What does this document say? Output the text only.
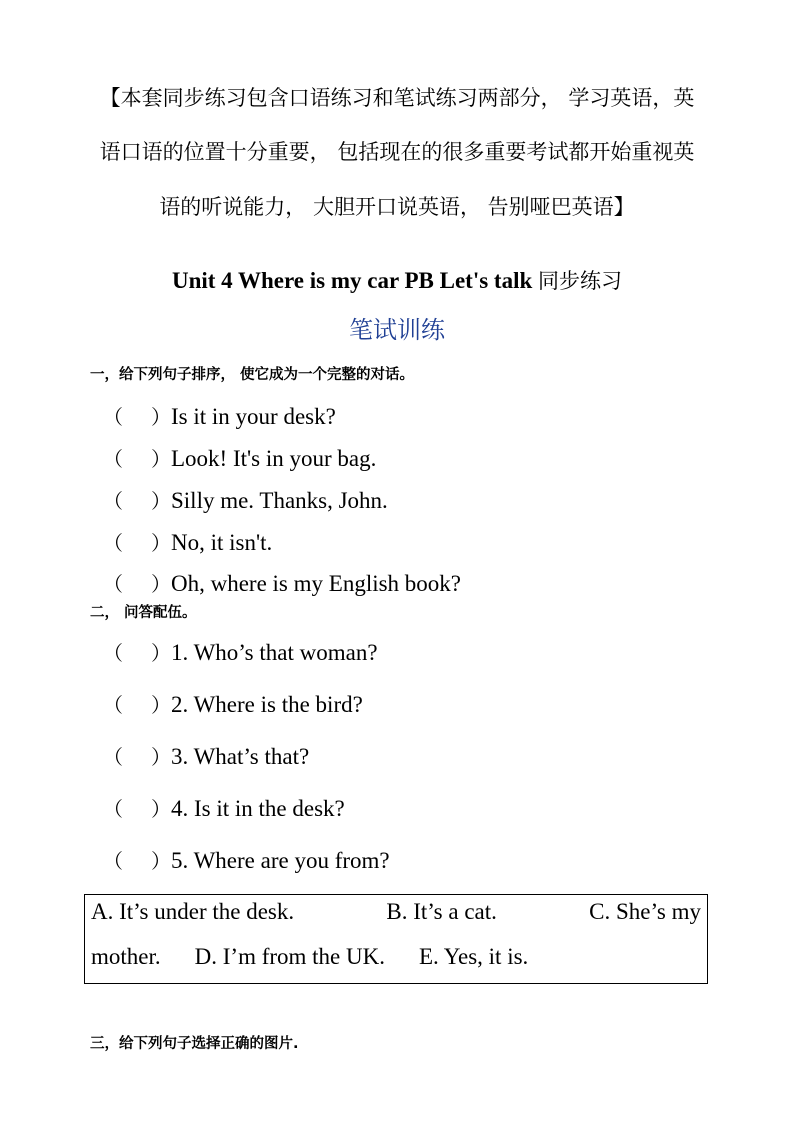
【本套同步练习包含口语练习和笔试练习两部分， 学习英语，英
语口语的位置十分重要， 包括现在的很多重要考试都开始重视英
语的听说能力， 大胆开口说英语， 告别哑巴英语】
Unit 4 Where is my car PB Let's talk 同步练习
笔试训练
一，给下列句子排序， 使它成为一个完整的对话。
（ ）Is it in your desk?
（ ）Look! It's in your bag.
（ ）Silly me. Thanks, John.
（ ）No, it isn't.
（ ）Oh, where is my English book?
二， 问答配伍。
（ ）1. Who’s that woman?
（ ）2. Where is the bird?
（ ）3. What’s that?
（ ）4. Is it in the desk?
（ ）5. Where are you from?
A. It’s under the desk.	B. It’s a cat.	C. She’s my
mother. D. I’m from the UK. E. Yes, it is.
三，给下列句子选择正确的图片.
